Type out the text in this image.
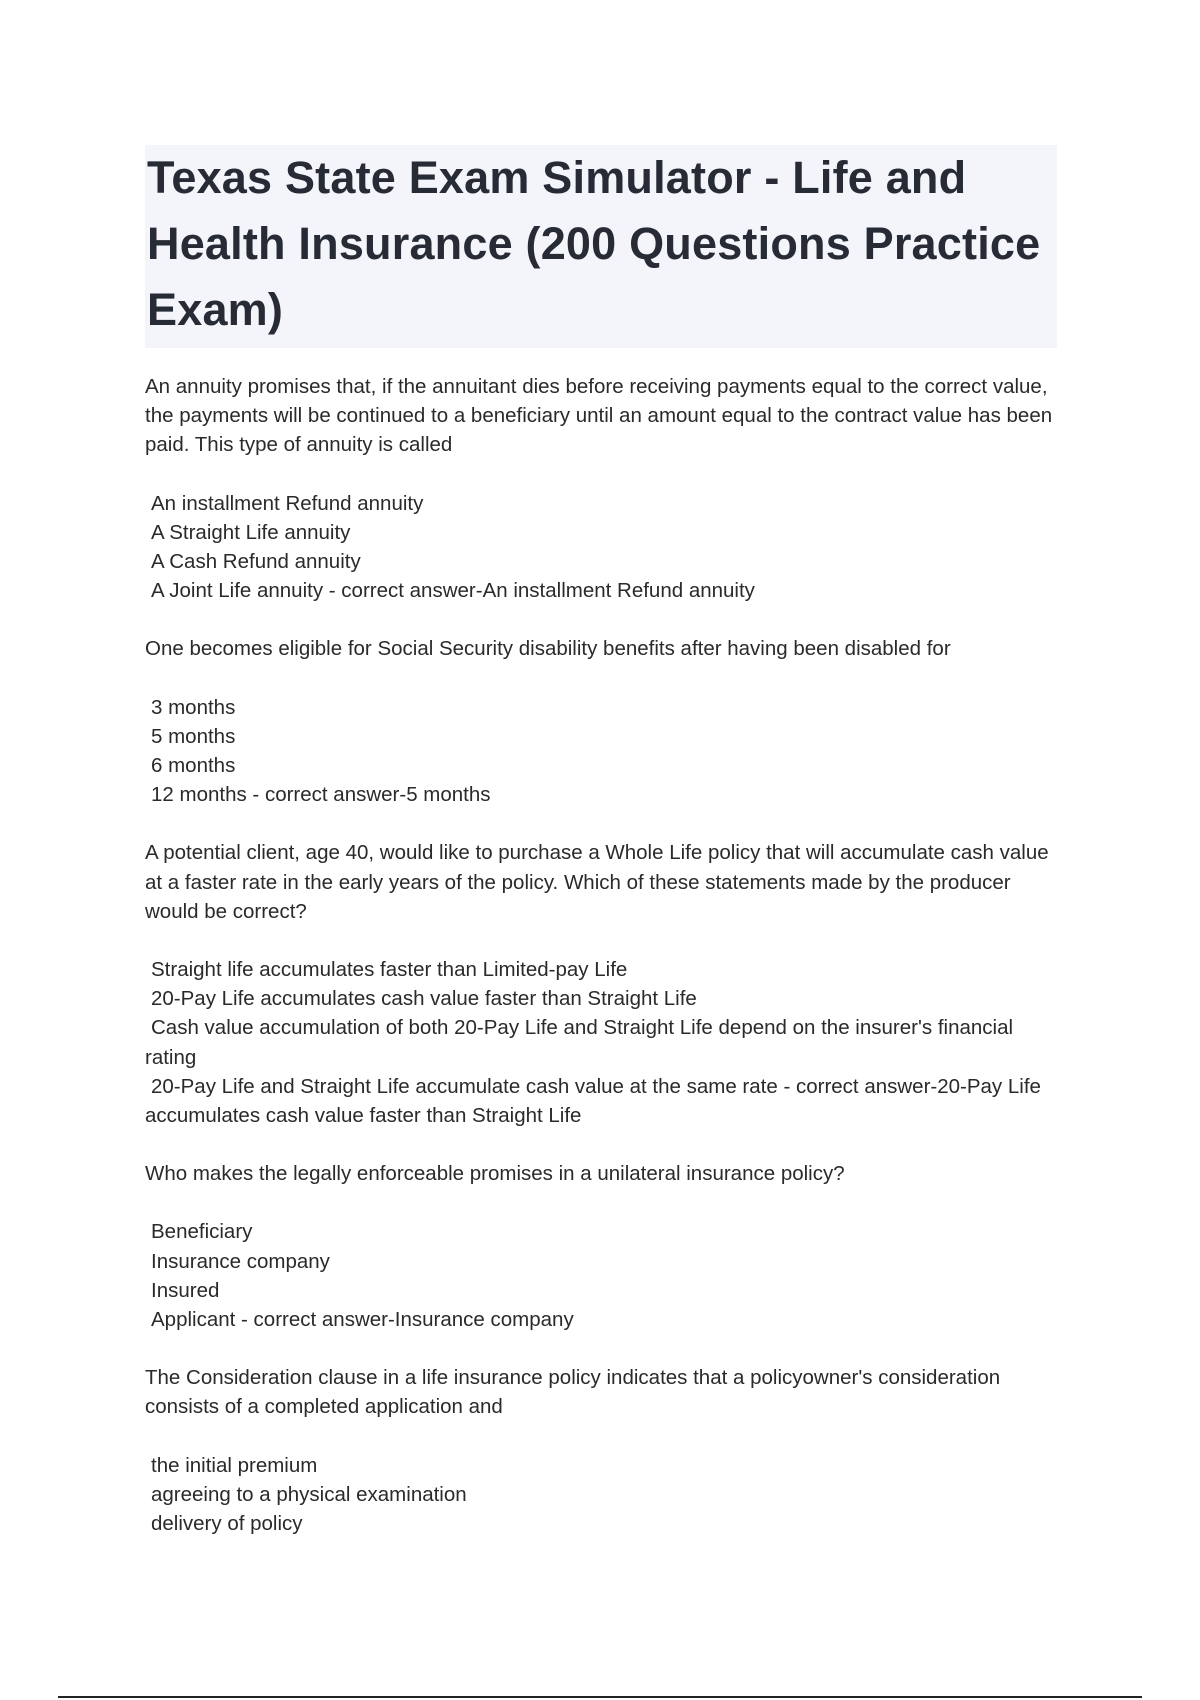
Texas State Exam Simulator - Life and Health Insurance (200 Questions Practice Exam)

An annuity promises that, if the annuitant dies before receiving payments equal to the correct value, the payments will be continued to a beneficiary until an amount equal to the contract value has been paid. This type of annuity is called

An installment Refund annuity
A Straight Life annuity
A Cash Refund annuity
A Joint Life annuity - correct answer-An installment Refund annuity

One becomes eligible for Social Security disability benefits after having been disabled for

3 months
5 months
6 months
12 months - correct answer-5 months

A potential client, age 40, would like to purchase a Whole Life policy that will accumulate cash value at a faster rate in the early years of the policy. Which of these statements made by the producer would be correct?

Straight life accumulates faster than Limited-pay Life
20-Pay Life accumulates cash value faster than Straight Life
Cash value accumulation of both 20-Pay Life and Straight Life depend on the insurer's financial rating
20-Pay Life and Straight Life accumulate cash value at the same rate - correct answer-20-Pay Life accumulates cash value faster than Straight Life

Who makes the legally enforceable promises in a unilateral insurance policy?

Beneficiary
Insurance company
Insured
Applicant - correct answer-Insurance company

The Consideration clause in a life insurance policy indicates that a policyowner's consideration consists of a completed application and

the initial premium
agreeing to a physical examination
delivery of policy
